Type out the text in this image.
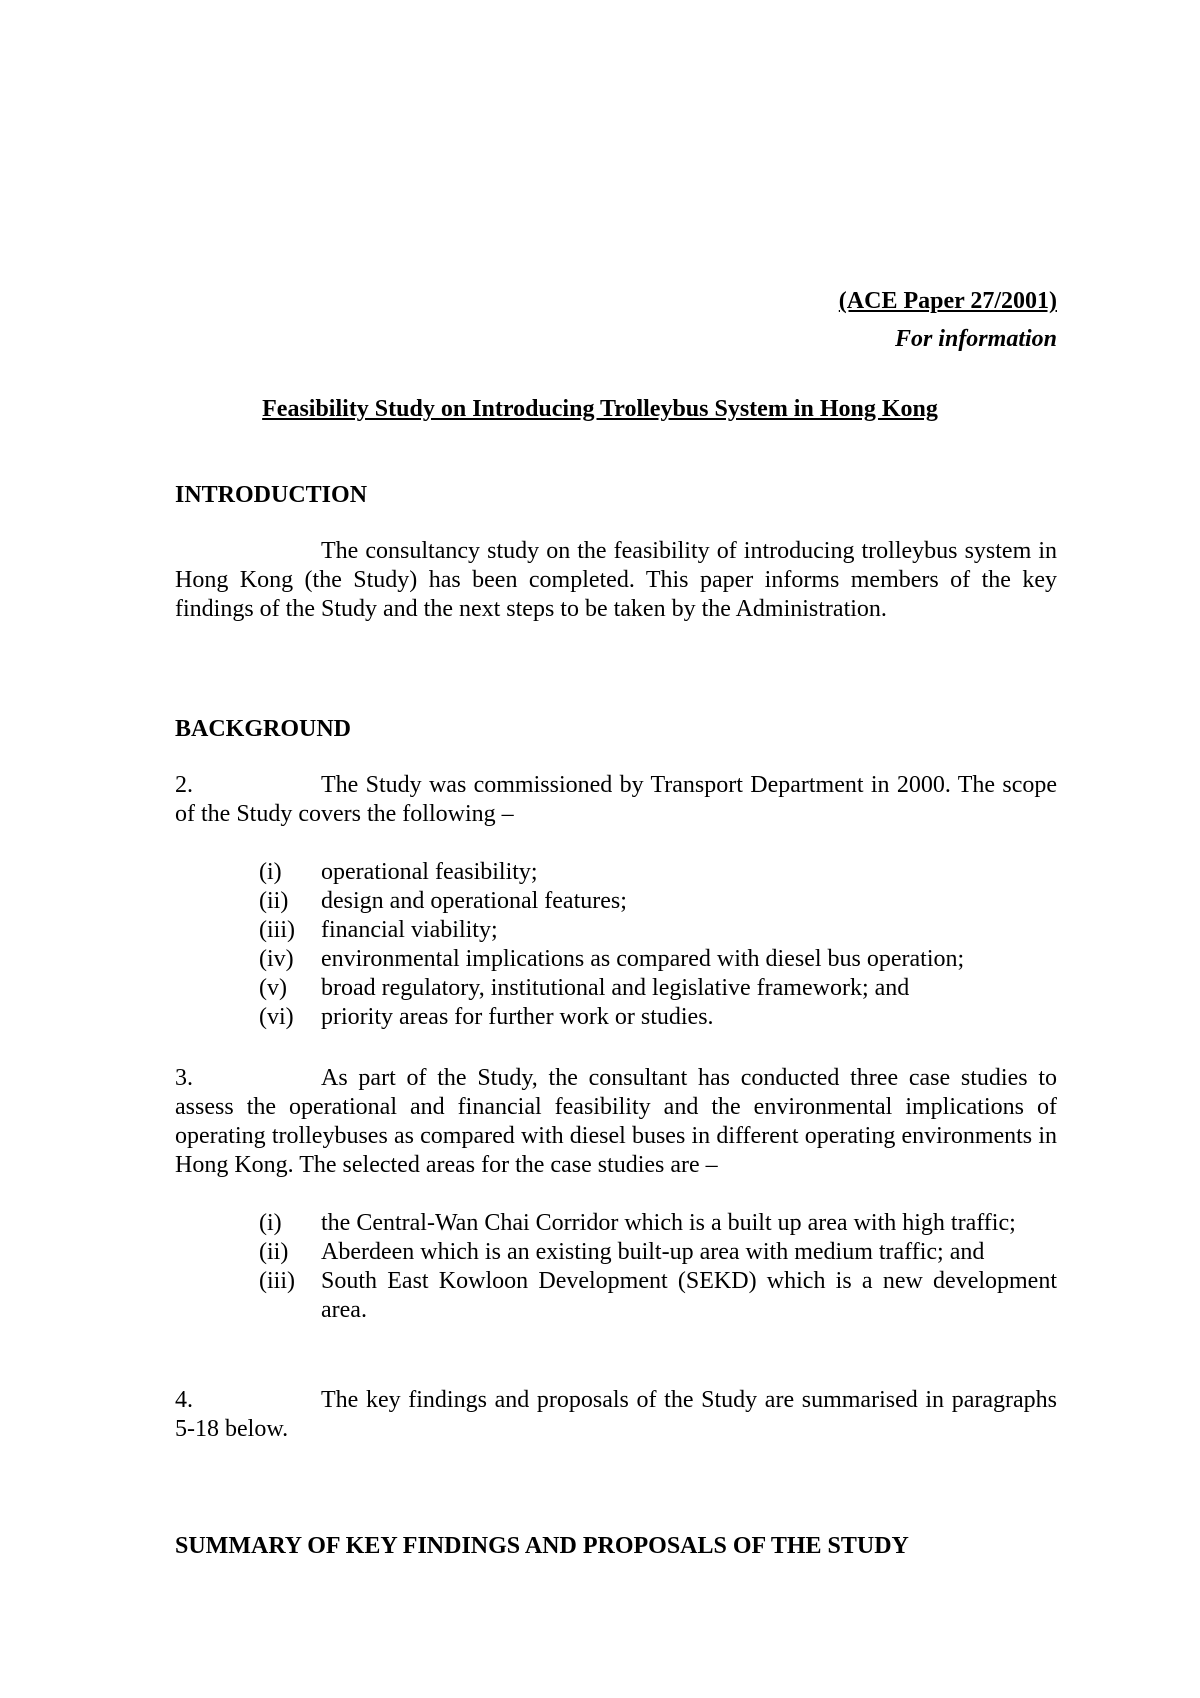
(ACE Paper 27/2001)
For information
Feasibility Study on Introducing Trolleybus System in Hong Kong
INTRODUCTION

The consultancy study on the feasibility of introducing trolleybus system in Hong Kong (the Study) has been completed. This paper informs members of the key findings of the Study and the next steps to be taken by the Administration.

BACKGROUND

2.	The Study was commissioned by Transport Department in 2000. The scope of the Study covers the following –

(i)	operational feasibility;
(ii)	design and operational features;
(iii)	financial viability;
(iv)	environmental implications as compared with diesel bus operation;
(v)	broad regulatory, institutional and legislative framework; and
(vi)	priority areas for further work or studies.

3.	As part of the Study, the consultant has conducted three case studies to assess the operational and financial feasibility and the environmental implications of operating trolleybuses as compared with diesel buses in different operating environments in Hong Kong. The selected areas for the case studies are –

(i)	the Central-Wan Chai Corridor which is a built up area with high traffic;
(ii)	Aberdeen which is an existing built-up area with medium traffic; and
(iii)	South East Kowloon Development (SEKD) which is a new development area.

4.	The key findings and proposals of the Study are summarised in paragraphs 5-18 below.

SUMMARY OF KEY FINDINGS AND PROPOSALS OF THE STUDY
